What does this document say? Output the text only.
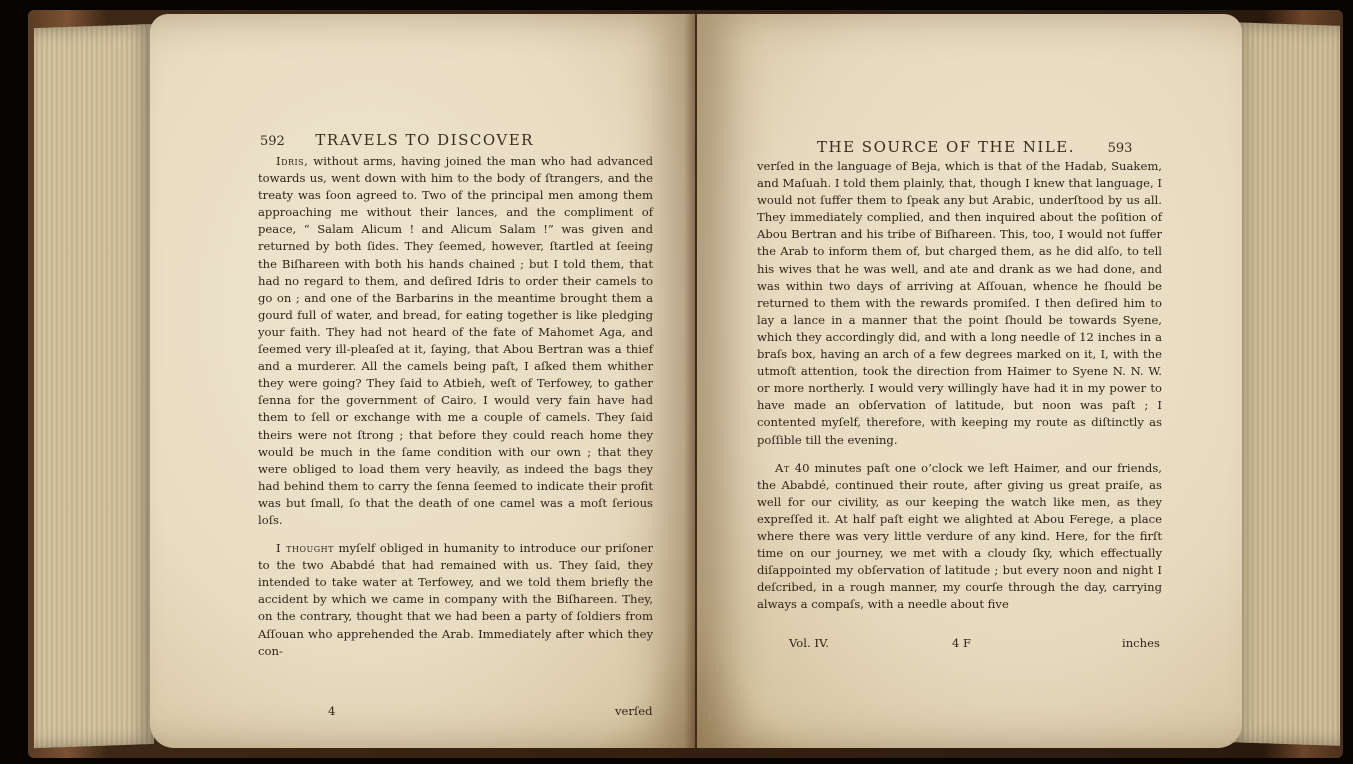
592 TRAVELS TO DISCOVER

Idris, without arms, having joined the man who had advanced towards us, went down with him to the body of ſtrangers, and the treaty was ſoon agreed to. Two of the principal men among them approaching me without their lances, and the compliment of peace, “ Salam Alicum ! and Alicum Salam !” was given and returned by both ſides. They ſeemed, however, ſtartled at ſeeing the Biſhareen with both his hands chained ; but I told them, that had no regard to them, and deſired Idris to order their camels to go on ; and one of the Barbarins in the meantime brought them a gourd full of water, and bread, for eating together is like pledging your faith. They had not heard of the fate of Mahomet Aga, and ſeemed very ill-pleaſed at it, ſaying, that Abou Bertran was a thief and a murderer. All the camels being paſt, I aſked them whither they were going? They ſaid to Atbieh, weſt of Terfowey, to gather ſenna for the government of Cairo. I would very fain have had them to ſell or exchange with me a couple of camels. They ſaid theirs were not ſtrong ; that before they could reach home they would be much in the ſame condition with our own ; that they were obliged to load them very heavily, as indeed the bags they had behind them to carry the ſenna ſeemed to indicate their profit was but ſmall, ſo that the death of one camel was a moſt ſerious loſs.

I thought myſelf obliged in humanity to introduce our priſoner to the two Ababdé that had remained with us. They ſaid, they intended to take water at Terfowey, and we told them briefly the accident by which we came in company with the Biſhareen. They, on the contrary, thought that we had been a party of ſoldiers from Aſſouan who apprehended the Arab. Immediately after which they con-

4	verſed
THE SOURCE OF THE NILE.	593

verſed in the language of Beja, which is that of the Hadab, Suakem, and Maſuah. I told them plainly, that, though I knew that language, I would not ſuffer them to ſpeak any but Arabic, underſtood by us all. They immediately complied, and then inquired about the poſition of Abou Bertran and his tribe of Biſhareen. This, too, I would not ſuffer the Arab to inform them of, but charged them, as he did alſo, to tell his wives that he was well, and ate and drank as we had done, and was within two days of arriving at Aſſouan, whence he ſhould be returned to them with the rewards promiſed. I then deſired him to lay a lance in a manner that the point ſhould be towards Syene, which they accordingly did, and with a long needle of 12 inches in a braſs box, having an arch of a few degrees marked on it, I, with the utmoſt attention, took the direction from Haimer to Syene N. N. W. or more northerly. I would very willingly have had it in my power to have made an obſervation of latitude, but noon was paſt ; I contented myſelf, therefore, with keeping my route as diſtinctly as poſſible till the evening.

At 40 minutes paſt one o’clock we left Haimer, and our friends, the Ababdé, continued their route, after giving us great praiſe, as well for our civility, as our keeping the watch like men, as they expreſſed it. At half paſt eight we alighted at Abou Ferege, a place where there was very little verdure of any kind. Here, for the firſt time on our journey, we met with a cloudy ſky, which effectually diſappointed my obſervation of latitude ; but every noon and night I deſcribed, in a rough manner, my courſe through the day, carrying always a compaſs, with a needle about five

Vol. IV.	4 F	inches
